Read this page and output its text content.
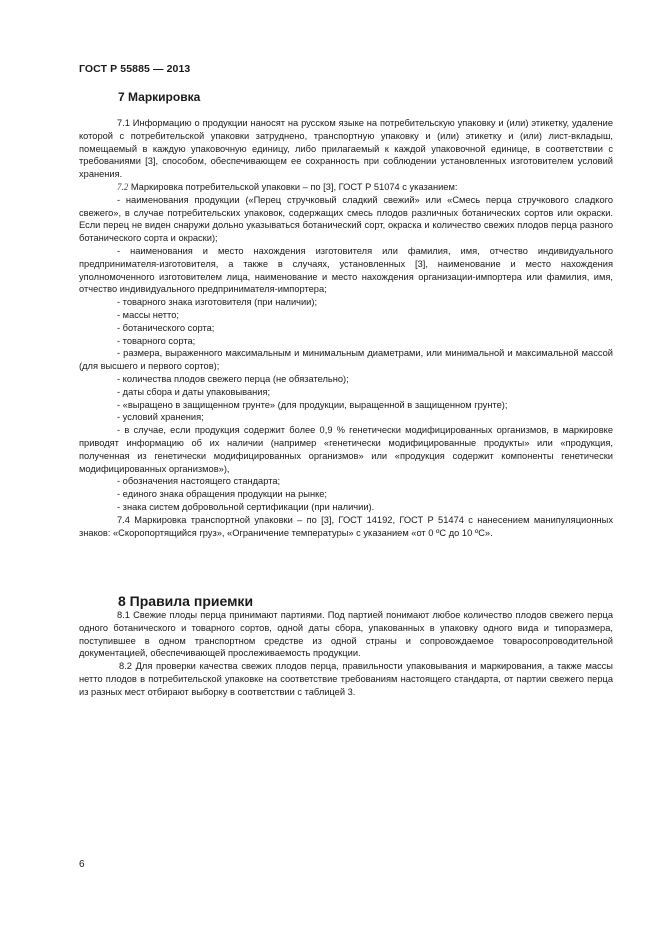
ГОСТ Р 55885 — 2013
7 Маркировка

7.1 Информацию о продукции наносят на русском языке на потребительскую упаковку и (или) этикетку, удаление которой с потребительской упаковки затруднено, транспортную упаковку и (или) этикетку и (или) лист-вкладыш, помещаемый в каждую упаковочную единицу, либо прилагаемый к каждой упаковочной единице, в соответствии с требованиями [3], способом, обеспечивающем ее сохранность при соблюдении установленных изготовителем условий хранения.

7.2 Маркировка потребительской упаковки – по [3], ГОСТ Р 51074 с указанием:

- наименования продукции («Перец стручковый сладкий свежий» или «Смесь перца стручкового сладкого свежего», в случае потребительских упаковок, содержащих смесь плодов различных ботанических сортов или окраски. Если перец не виден снаружи дольно указываться ботанический сорт, окраска и количество свежих плодов перца разного ботанического сорта и окраски);

- наименования и место нахождения изготовителя или фамилия, имя, отчество индивидуального предпринимателя-изготовителя, а также в случаях, установленных [3], наименование и место нахождения уполномоченного изготовителем лица, наименование и место нахождения организации-импортера или фамилия, имя, отчество индивидуального предпринимателя-импортера;

- товарного знака изготовителя (при наличии);

- массы нетто;

- ботанического сорта;

- товарного сорта;

- размера, выраженного максимальным и минимальным диаметрами, или минимальной и максимальной массой (для высшего и первого сортов);

- количества плодов свежего перца (не обязательно);

- даты сбора и даты упаковывания;

- «выращено в защищенном грунте» (для продукции, выращенной в защищенном грунте);

- условий хранения;

- в случае, если продукция содержит более 0,9 % генетически модифицированных организмов, в маркировке приводят информацию об их наличии (например «генетически модифицированные продукты» или «продукция, полученная из генетически модифицированных организмов» или «продукция содержит компоненты генетически модифицированных организмов»),

- обозначения настоящего стандарта;

- единого знака обращения продукции на рынке;

- знака систем добровольной сертификации (при наличии).

7.4 Маркировка транспортной упаковки – по [3], ГОСТ 14192, ГОСТ Р 51474 с нанесением манипуляционных знаков: «Скоропортящийся груз», «Ограничение температуры» с указанием «от 0 ºС до 10 ºС».

8 Правила приемки

8.1 Свежие плоды перца принимают партиями. Под партией понимают любое количество плодов свежего перца одного ботанического и товарного сортов, одной даты сбора, упакованных в упаковку одного вида и типоразмера, поступившее в одном транспортном средстве из одной страны и сопровождаемое товаросопроводительной документацией, обеспечивающей прослеживаемость продукции.

8.2 Для проверки качества свежих плодов перца, правильности упаковывания и маркирования, а также массы нетто плодов в потребительской упаковке на соответствие требованиям настоящего стандарта, от партии свежего перца из разных мест отбирают выборку в соответствии с таблицей 3.

6
